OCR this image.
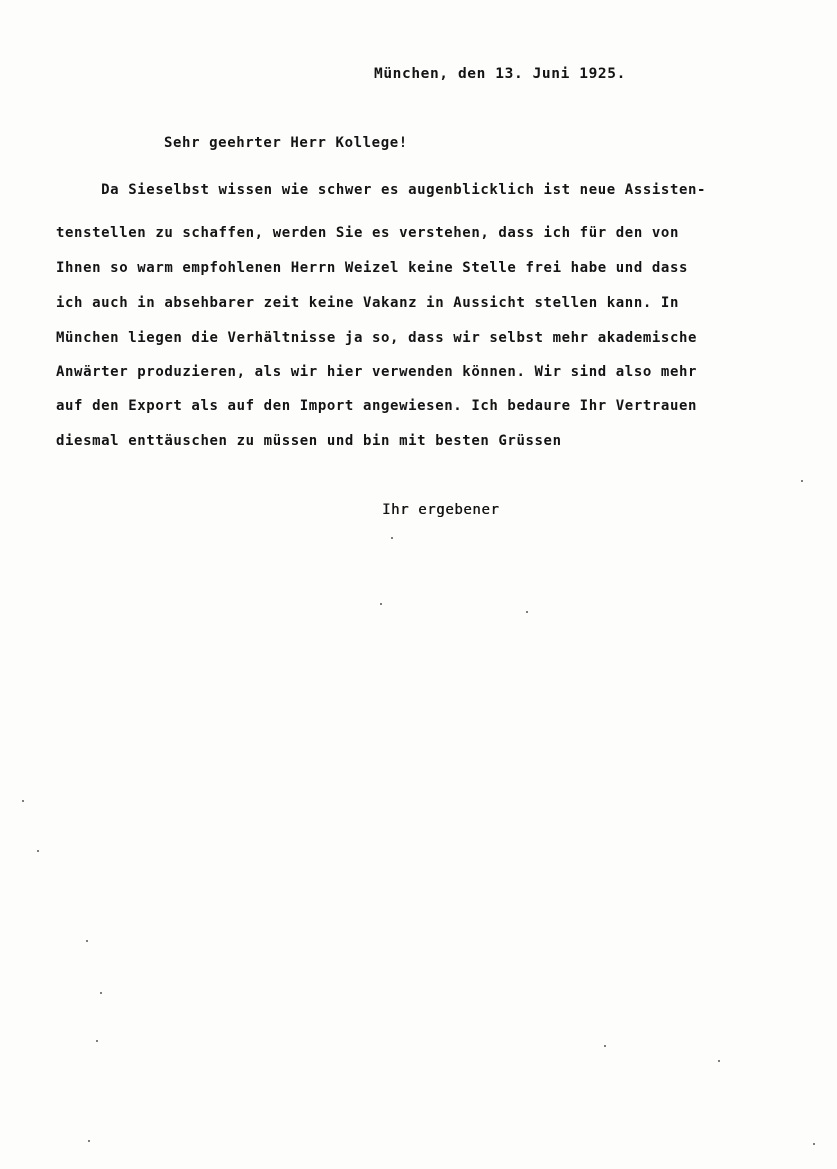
München, den 13. Juni 1925.
Sehr geehrter Herr Kollege!
Da Sieselbst wissen wie schwer es augenblicklich ist neue Assisten-
tenstellen zu schaffen, werden Sie es verstehen, dass ich für den von
Ihnen so warm empfohlenen Herrn Weizel keine Stelle frei habe und dass
ich auch in absehbarer zeit keine Vakanz in Aussicht stellen kann. In
München liegen die Verhältnisse ja so, dass wir selbst mehr akademische
Anwärter produzieren, als wir hier verwenden können. Wir sind also mehr
auf den Export als auf den Import angewiesen. Ich bedaure Ihr Vertrauen
diesmal enttäuschen zu müssen und bin mit besten Grüssen
Ihr ergebener
